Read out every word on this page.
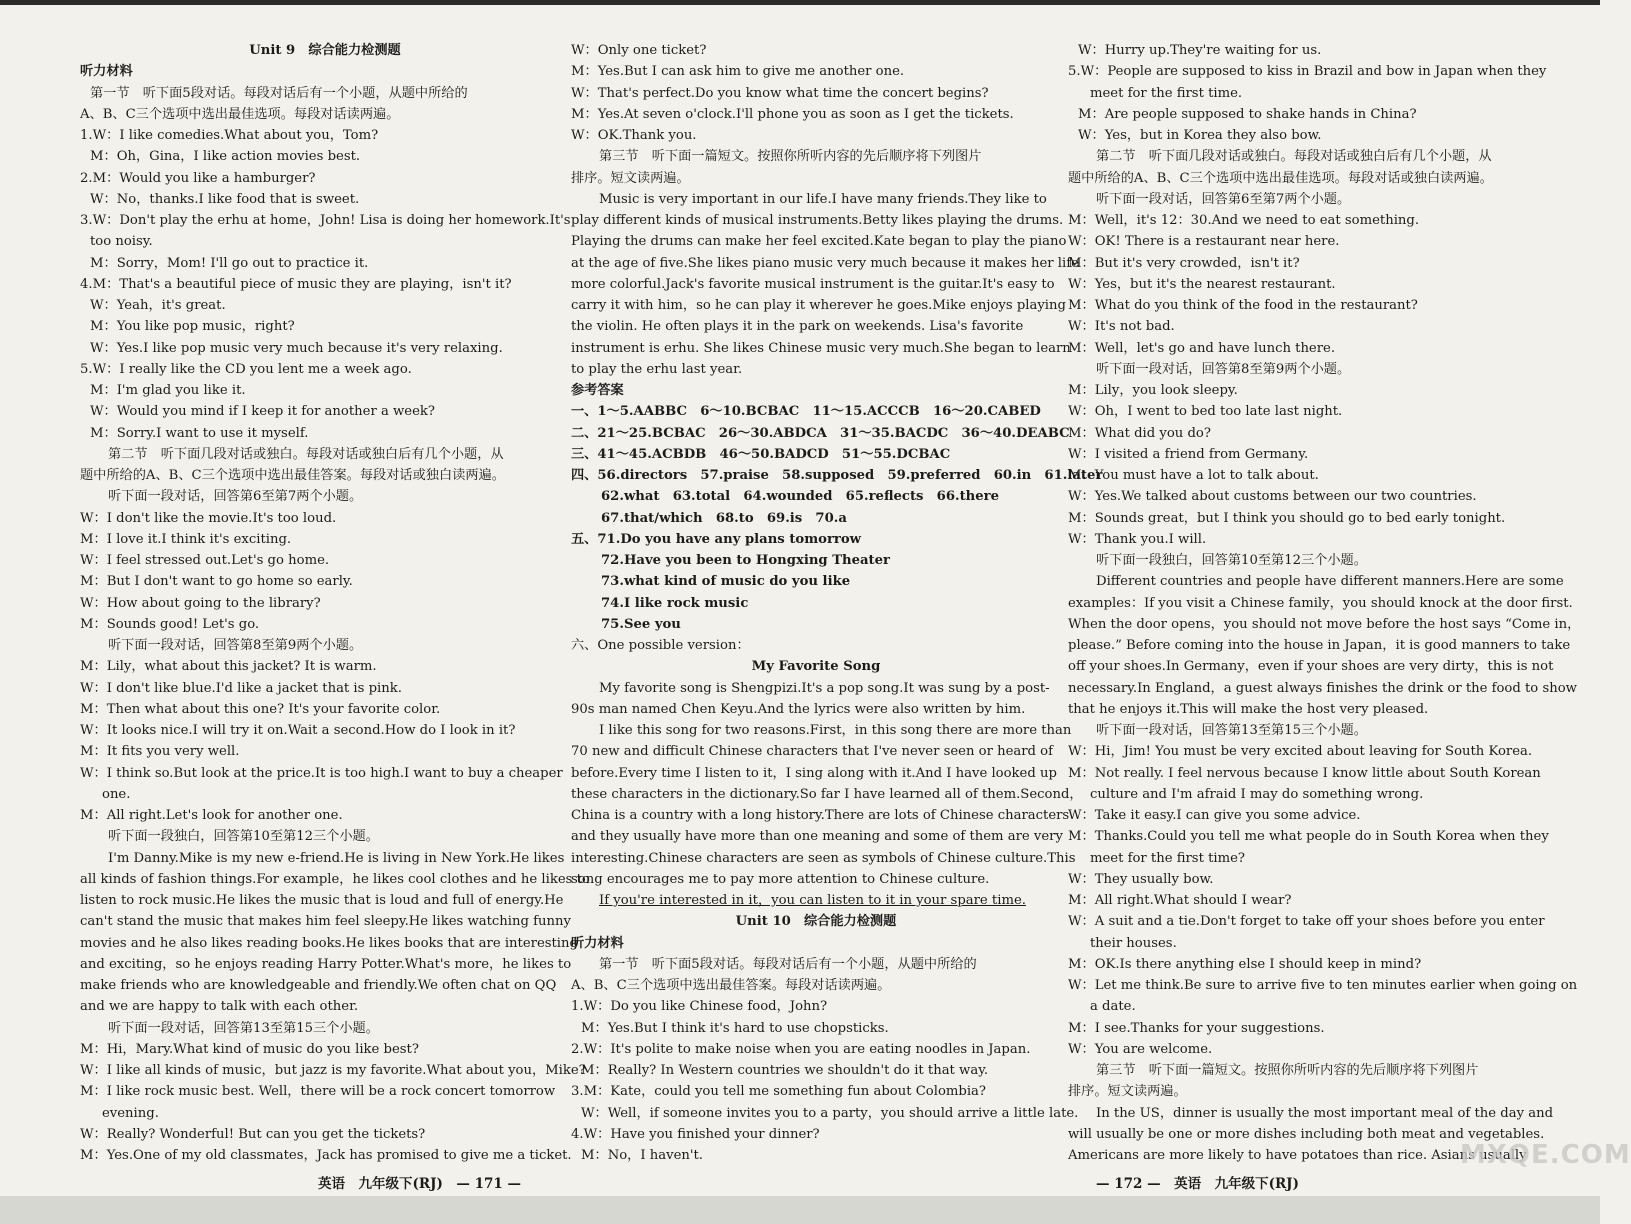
Unit 9　综合能力检测题
听力材料
第一节　听下面5段对话。每段对话后有一个小题，从题中所给的
A、B、C三个选项中选出最佳选项。每段对话读两遍。
1.W：I like comedies.What about you，Tom?
M：Oh，Gina，I like action movies best.
2.M：Would you like a hamburger?
W：No，thanks.I like food that is sweet.
3.W：Don't play the erhu at home，John! Lisa is doing her homework.It's
too noisy.
M：Sorry，Mom! I'll go out to practice it.
4.M：That's a beautiful piece of music they are playing，isn't it?
W：Yeah，it's great.
M：You like pop music，right?
W：Yes.I like pop music very much because it's very relaxing.
5.W：I really like the CD you lent me a week ago.
M：I'm glad you like it.
W：Would you mind if I keep it for another a week?
M：Sorry.I want to use it myself.
第二节　听下面几段对话或独白。每段对话或独白后有几个小题，从
题中所给的A、B、C三个选项中选出最佳答案。每段对话或独白读两遍。
听下面一段对话，回答第6至第7两个小题。
W：I don't like the movie.It's too loud.
M：I love it.I think it's exciting.
W：I feel stressed out.Let's go home.
M：But I don't want to go home so early.
W：How about going to the library?
M：Sounds good! Let's go.
听下面一段对话，回答第8至第9两个小题。
M：Lily，what about this jacket? It is warm.
W：I don't like blue.I'd like a jacket that is pink.
M：Then what about this one? It's your favorite color.
W：It looks nice.I will try it on.Wait a second.How do I look in it?
M：It fits you very well.
W：I think so.But look at the price.It is too high.I want to buy a cheaper
one.
M：All right.Let's look for another one.
听下面一段独白，回答第10至第12三个小题。
I'm Danny.Mike is my new e-friend.He is living in New York.He likes
all kinds of fashion things.For example，he likes cool clothes and he likes to
listen to rock music.He likes the music that is loud and full of energy.He
can't stand the music that makes him feel sleepy.He likes watching funny
movies and he also likes reading books.He likes books that are interesting
and exciting，so he enjoys reading Harry Potter.What's more，he likes to
make friends who are knowledgeable and friendly.We often chat on QQ
and we are happy to talk with each other.
听下面一段对话，回答第13至第15三个小题。
M：Hi，Mary.What kind of music do you like best?
W：I like all kinds of music，but jazz is my favorite.What about you，Mike?
M：I like rock music best. Well，there will be a rock concert tomorrow
evening.
W：Really? Wonderful! But can you get the tickets?
M：Yes.One of my old classmates，Jack has promised to give me a ticket.
W：Only one ticket?
M：Yes.But I can ask him to give me another one.
W：That's perfect.Do you know what time the concert begins?
M：Yes.At seven o'clock.I'll phone you as soon as I get the tickets.
W：OK.Thank you.
第三节　听下面一篇短文。按照你所听内容的先后顺序将下列图片
排序。短文读两遍。
Music is very important in our life.I have many friends.They like to
play different kinds of musical instruments.Betty likes playing the drums.
Playing the drums can make her feel excited.Kate began to play the piano
at the age of five.She likes piano music very much because it makes her life
more colorful.Jack's favorite musical instrument is the guitar.It's easy to
carry it with him，so he can play it wherever he goes.Mike enjoys playing
the violin. He often plays it in the park on weekends. Lisa's favorite
instrument is erhu. She likes Chinese music very much.She began to learn
to play the erhu last year.
参考答案
一、1～5.AABBC　6～10.BCBAC　11～15.ACCCB　16～20.CABED
二、21～25.BCBAC　26～30.ABDCA　31～35.BACDC　36～40.DEABC
三、41～45.ACBDB　46～50.BADCD　51～55.DCBAC
四、56.directors　57.praise　58.supposed　59.preferred　60.in　61.later
62.what　63.total　64.wounded　65.reflects　66.there
67.that/which　68.to　69.is　70.a
五、71.Do you have any plans tomorrow
72.Have you been to Hongxing Theater
73.what kind of music do you like
74.I like rock music
75.See you
六、One possible version：
My Favorite Song
My favorite song is Shengpizi.It's a pop song.It was sung by a post-
90s man named Chen Keyu.And the lyrics were also written by him.
I like this song for two reasons.First，in this song there are more than
70 new and difficult Chinese characters that I've never seen or heard of
before.Every time I listen to it，I sing along with it.And I have looked up
these characters in the dictionary.So far I have learned all of them.Second，
China is a country with a long history.There are lots of Chinese characters
and they usually have more than one meaning and some of them are very
interesting.Chinese characters are seen as symbols of Chinese culture.This
song encourages me to pay more attention to Chinese culture.
If you're interested in it，you can listen to it in your spare time.
Unit 10　综合能力检测题
听力材料
第一节　听下面5段对话。每段对话后有一个小题，从题中所给的
A、B、C三个选项中选出最佳答案。每段对话读两遍。
1.W：Do you like Chinese food，John?
M：Yes.But I think it's hard to use chopsticks.
2.W：It's polite to make noise when you are eating noodles in Japan.
M：Really? In Western countries we shouldn't do it that way.
3.M：Kate，could you tell me something fun about Colombia?
W：Well，if someone invites you to a party，you should arrive a little late.
4.W：Have you finished your dinner?
M：No，I haven't.
W：Hurry up.They're waiting for us.
5.W：People are supposed to kiss in Brazil and bow in Japan when they
meet for the first time.
M：Are people supposed to shake hands in China?
W：Yes，but in Korea they also bow.
第二节　听下面几段对话或独白。每段对话或独白后有几个小题，从
题中所给的A、B、C三个选项中选出最佳选项。每段对话或独白读两遍。
听下面一段对话，回答第6至第7两个小题。
M：Well，it's 12：30.And we need to eat something.
W：OK! There is a restaurant near here.
M：But it's very crowded，isn't it?
W：Yes，but it's the nearest restaurant.
M：What do you think of the food in the restaurant?
W：It's not bad.
M：Well，let's go and have lunch there.
听下面一段对话，回答第8至第9两个小题。
M：Lily，you look sleepy.
W：Oh，I went to bed too late last night.
M：What did you do?
W：I visited a friend from Germany.
M：You must have a lot to talk about.
W：Yes.We talked about customs between our two countries.
M：Sounds great，but I think you should go to bed early tonight.
W：Thank you.I will.
听下面一段独白，回答第10至第12三个小题。
Different countries and people have different manners.Here are some
examples：If you visit a Chinese family，you should knock at the door first.
When the door opens，you should not move before the host says “Come in，
please.” Before coming into the house in Japan，it is good manners to take
off your shoes.In Germany，even if your shoes are very dirty，this is not
necessary.In England，a guest always finishes the drink or the food to show
that he enjoys it.This will make the host very pleased.
听下面一段对话，回答第13至第15三个小题。
W：Hi，Jim! You must be very excited about leaving for South Korea.
M：Not really. I feel nervous because I know little about South Korean
culture and I'm afraid I may do something wrong.
W：Take it easy.I can give you some advice.
M：Thanks.Could you tell me what people do in South Korea when they
meet for the first time?
W：They usually bow.
M：All right.What should I wear?
W：A suit and a tie.Don't forget to take off your shoes before you enter
their houses.
M：OK.Is there anything else I should keep in mind?
W：Let me think.Be sure to arrive five to ten minutes earlier when going on
a date.
M：I see.Thanks for your suggestions.
W：You are welcome.
第三节　听下面一篇短文。按照你所听内容的先后顺序将下列图片
排序。短文读两遍。
In the US，dinner is usually the most important meal of the day and
will usually be one or more dishes including both meat and vegetables.
Americans are more likely to have potatoes than rice. Asians usually
英语　九年级下(RJ)　— 171 —	— 172 —　英语　九年级下(RJ)
MXQE.COM
